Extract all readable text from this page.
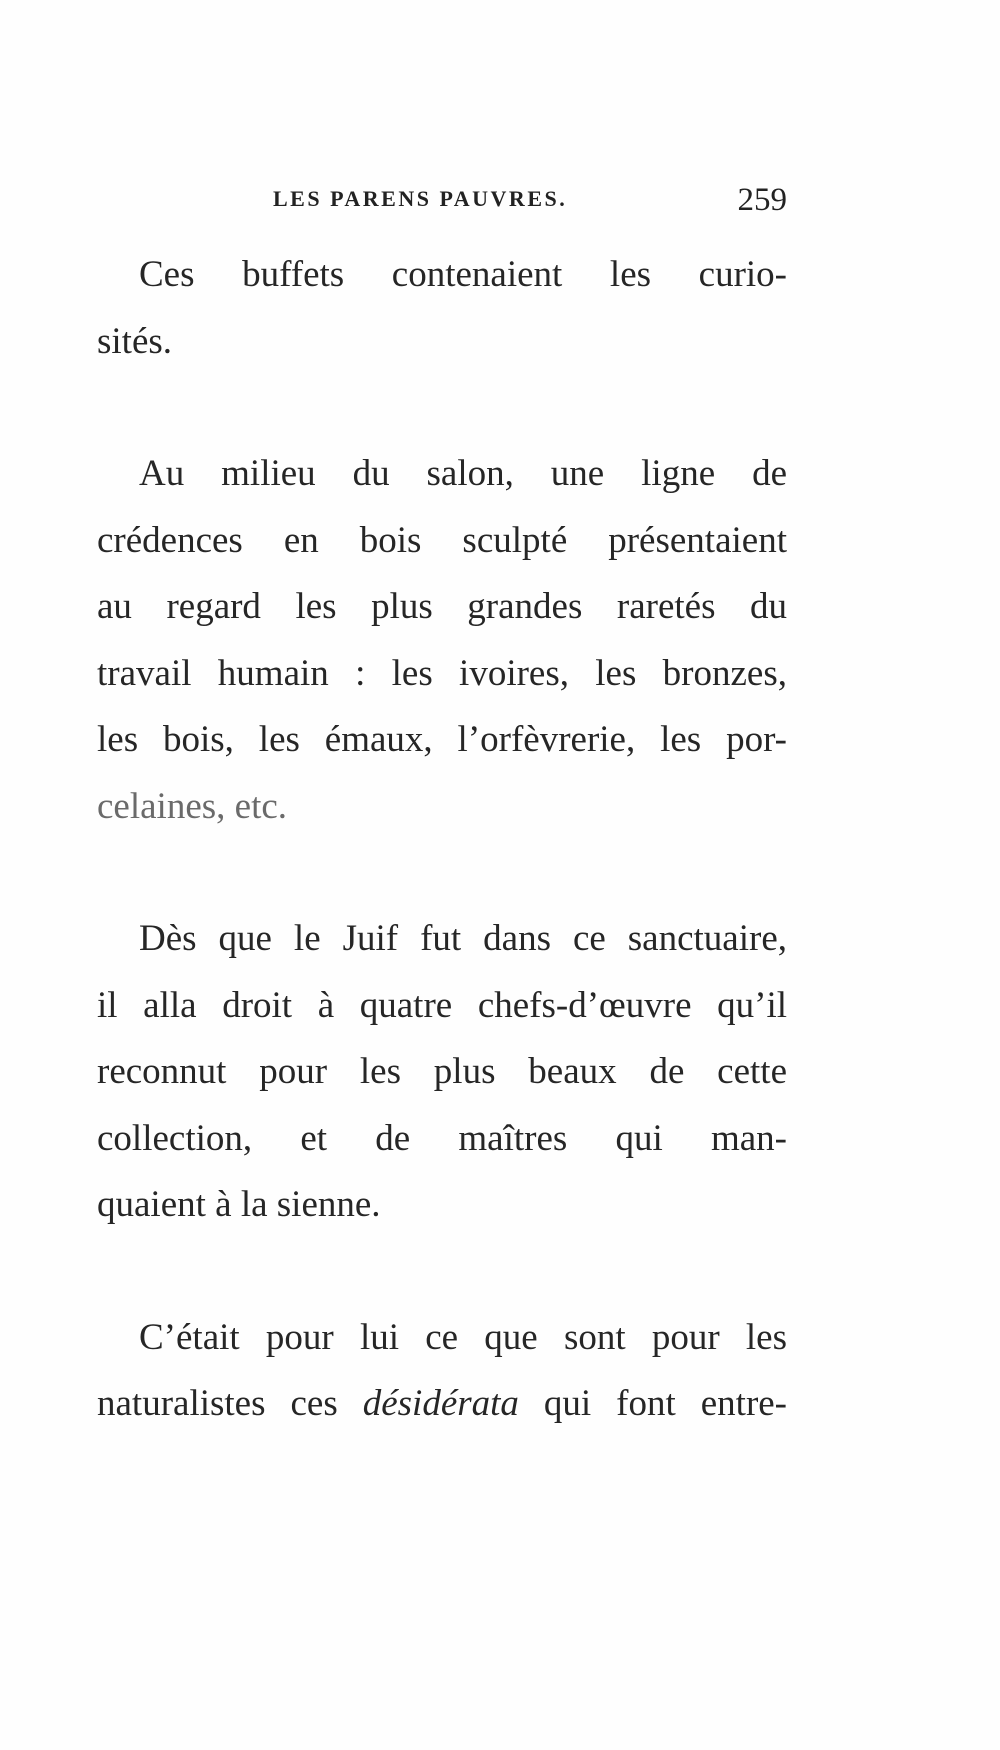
LES PARENS PAUVRES.	259
Ces buffets contenaient les curio-
sités.
Au milieu du salon, une ligne de
crédences en bois sculpté présentaient
au regard les plus grandes raretés du
travail humain : les ivoires, les bronzes,
les bois, les émaux, l’orfèvrerie, les por-
celaines, etc.
Dès que le Juif fut dans ce sanctuaire,
il alla droit à quatre chefs-d’œuvre qu’il
reconnut pour les plus beaux de cette
collection, et de maîtres qui man-
quaient à la sienne.
C’était pour lui ce que sont pour les
naturalistes ces désidérata qui font entre-
